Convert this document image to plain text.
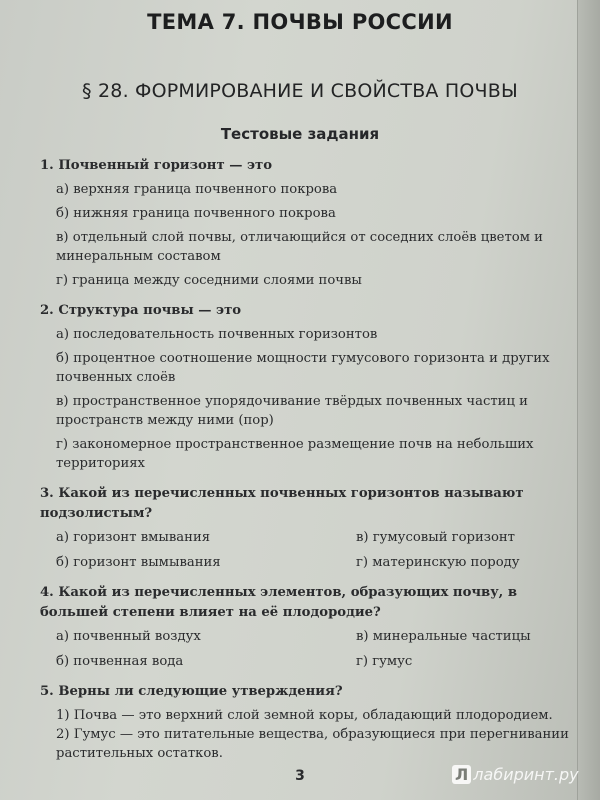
ТЕМА 7. ПОЧВЫ РОССИИ
§ 28. ФОРМИРОВАНИЕ И СВОЙСТВА ПОЧВЫ
Тестовые задания
1. Почвенный горизонт — это
а) верхняя граница почвенного покрова
б) нижняя граница почвенного покрова
в) отдельный слой почвы, отличающийся от соседних слоёв цветом и минеральным составом
г) граница между соседними слоями почвы
2. Структура почвы — это
а) последовательность почвенных горизонтов
б) процентное соотношение мощности гумусового горизонта и других почвенных слоёв
в) пространственное упорядочивание твёрдых почвенных частиц и пространств между ними (пор)
г) закономерное пространственное размещение почв на небольших территориях
3. Какой из перечисленных почвенных горизонтов называют подзолистым?
а) горизонт вмывания	в) гумусовый горизонт
б) горизонт вымывания	г) материнскую породу
4. Какой из перечисленных элементов, образующих почву, в большей степени влияет на её плодородие?
а) почвенный воздух	в) минеральные частицы
б) почвенная вода	г) гумус
5. Верны ли следующие утверждения?
1) Почва — это верхний слой земной коры, обладающий плодородием.
2) Гумус — это питательные вещества, образующиеся при перегнивании растительных остатков.
3	Л лабиринт.ру
